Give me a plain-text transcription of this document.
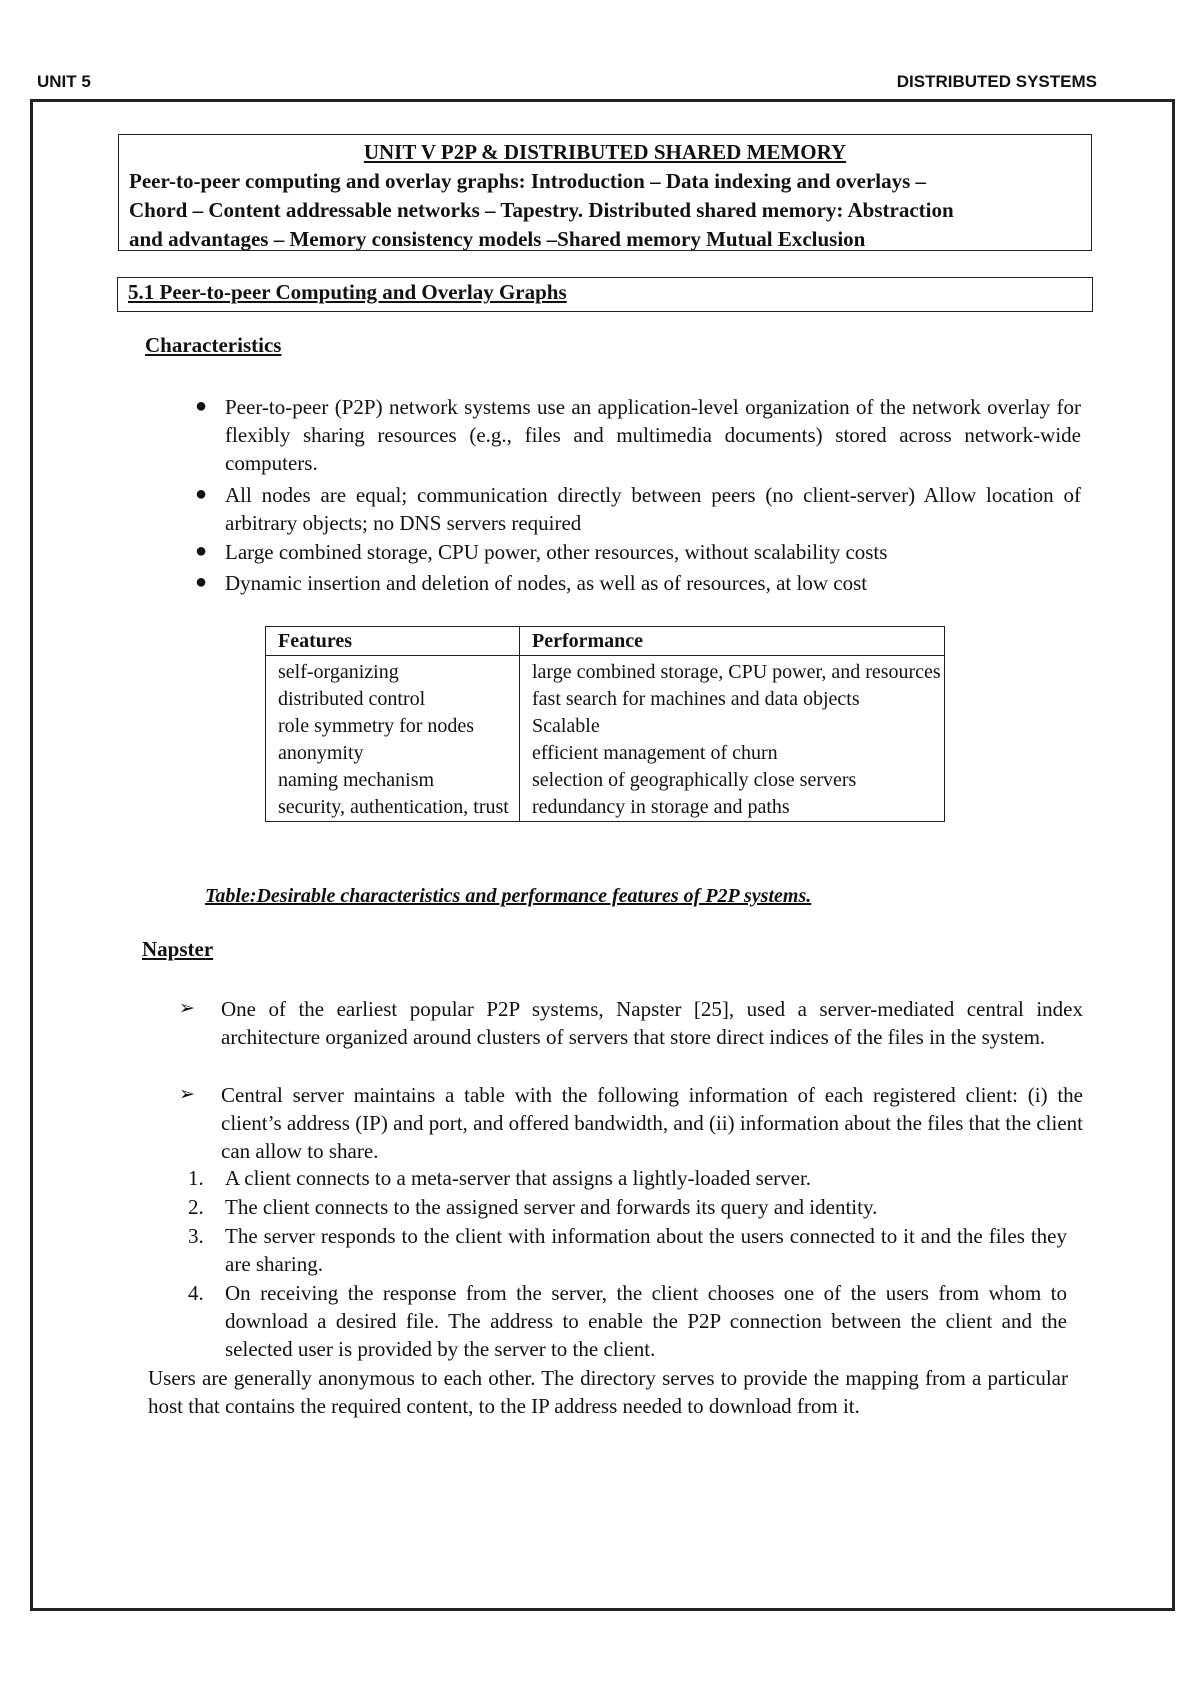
UNIT 5	DISTRIBUTED SYSTEMS
UNIT V P2P & DISTRIBUTED SHARED MEMORY
Peer-to-peer computing and overlay graphs: Introduction – Data indexing and overlays –
Chord – Content addressable networks – Tapestry. Distributed shared memory: Abstraction
and advantages – Memory consistency models –Shared memory Mutual Exclusion
5.1 Peer-to-peer Computing and Overlay Graphs
Characteristics
● Peer-to-peer (P2P) network systems use an application-level organization of the network overlay for flexibly sharing resources (e.g., files and multimedia documents) stored across network-wide computers.
● All nodes are equal; communication directly between peers (no client-server) Allow location of arbitrary objects; no DNS servers required
● Large combined storage, CPU power, other resources, without scalability costs
● Dynamic insertion and deletion of nodes, as well as of resources, at low cost
Features	Performance
self-organizing	large combined storage, CPU power, and resources
distributed control	fast search for machines and data objects
role symmetry for nodes	Scalable
anonymity	efficient management of churn
naming mechanism	selection of geographically close servers
security, authentication, trust	redundancy in storage and paths
Table:Desirable characteristics and performance features of P2P systems.
Napster
➢ One of the earliest popular P2P systems, Napster [25], used a server-mediated central index architecture organized around clusters of servers that store direct indices of the files in the system.
➢ Central server maintains a table with the following information of each registered client: (i) the client’s address (IP) and port, and offered bandwidth, and (ii) information about the files that the client can allow to share.
1. A client connects to a meta-server that assigns a lightly-loaded server.
2. The client connects to the assigned server and forwards its query and identity.
3. The server responds to the client with information about the users connected to it and the files they are sharing.
4. On receiving the response from the server, the client chooses one of the users from whom to download a desired file. The address to enable the P2P connection between the client and the selected user is provided by the server to the client.
Users are generally anonymous to each other. The directory serves to provide the mapping from a particular host that contains the required content, to the IP address needed to download from it.
